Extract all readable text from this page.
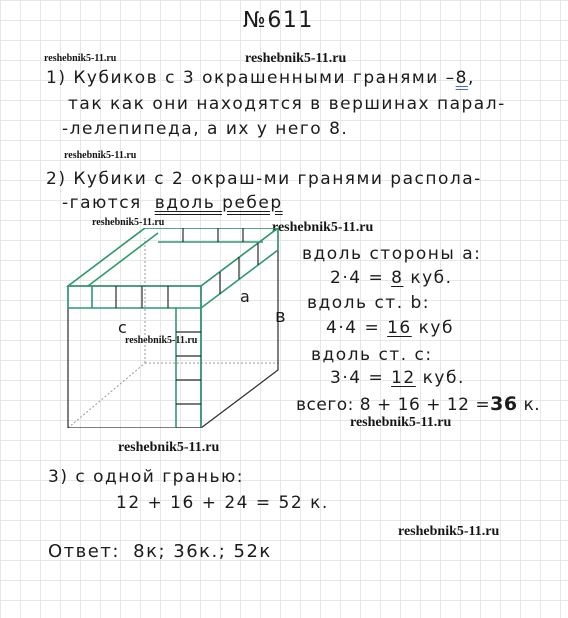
№611
reshebnik5-11.ru	reshebnik5-11.ru
reshebnik5-11.ru
reshebnik5-11.ru	reshebnik5-11.ru
reshebnik5-11.ru
reshebnik5-11.ru
reshebnik5-11.ru
reshebnik5-11.ru
1) Кубиков с 3 окрашенными гранями –8,
так как они находятся в вершинах парал-
-лелепипеда, а их у него 8.
2) Кубики с 2 окраш-ми гранями распола-
-гаются вдоль ребер
с
a
в
вдоль стороны а:
2·4 = 8 куб.
вдоль ст. b:
4·4 = 16 куб
вдоль ст. с:
3·4 = 12 куб.
всего: 8 + 16 + 12 =36 к.
3) с одной гранью:
12 + 16 + 24 = 52 к.
Ответ: 8к; 36к.; 52к
